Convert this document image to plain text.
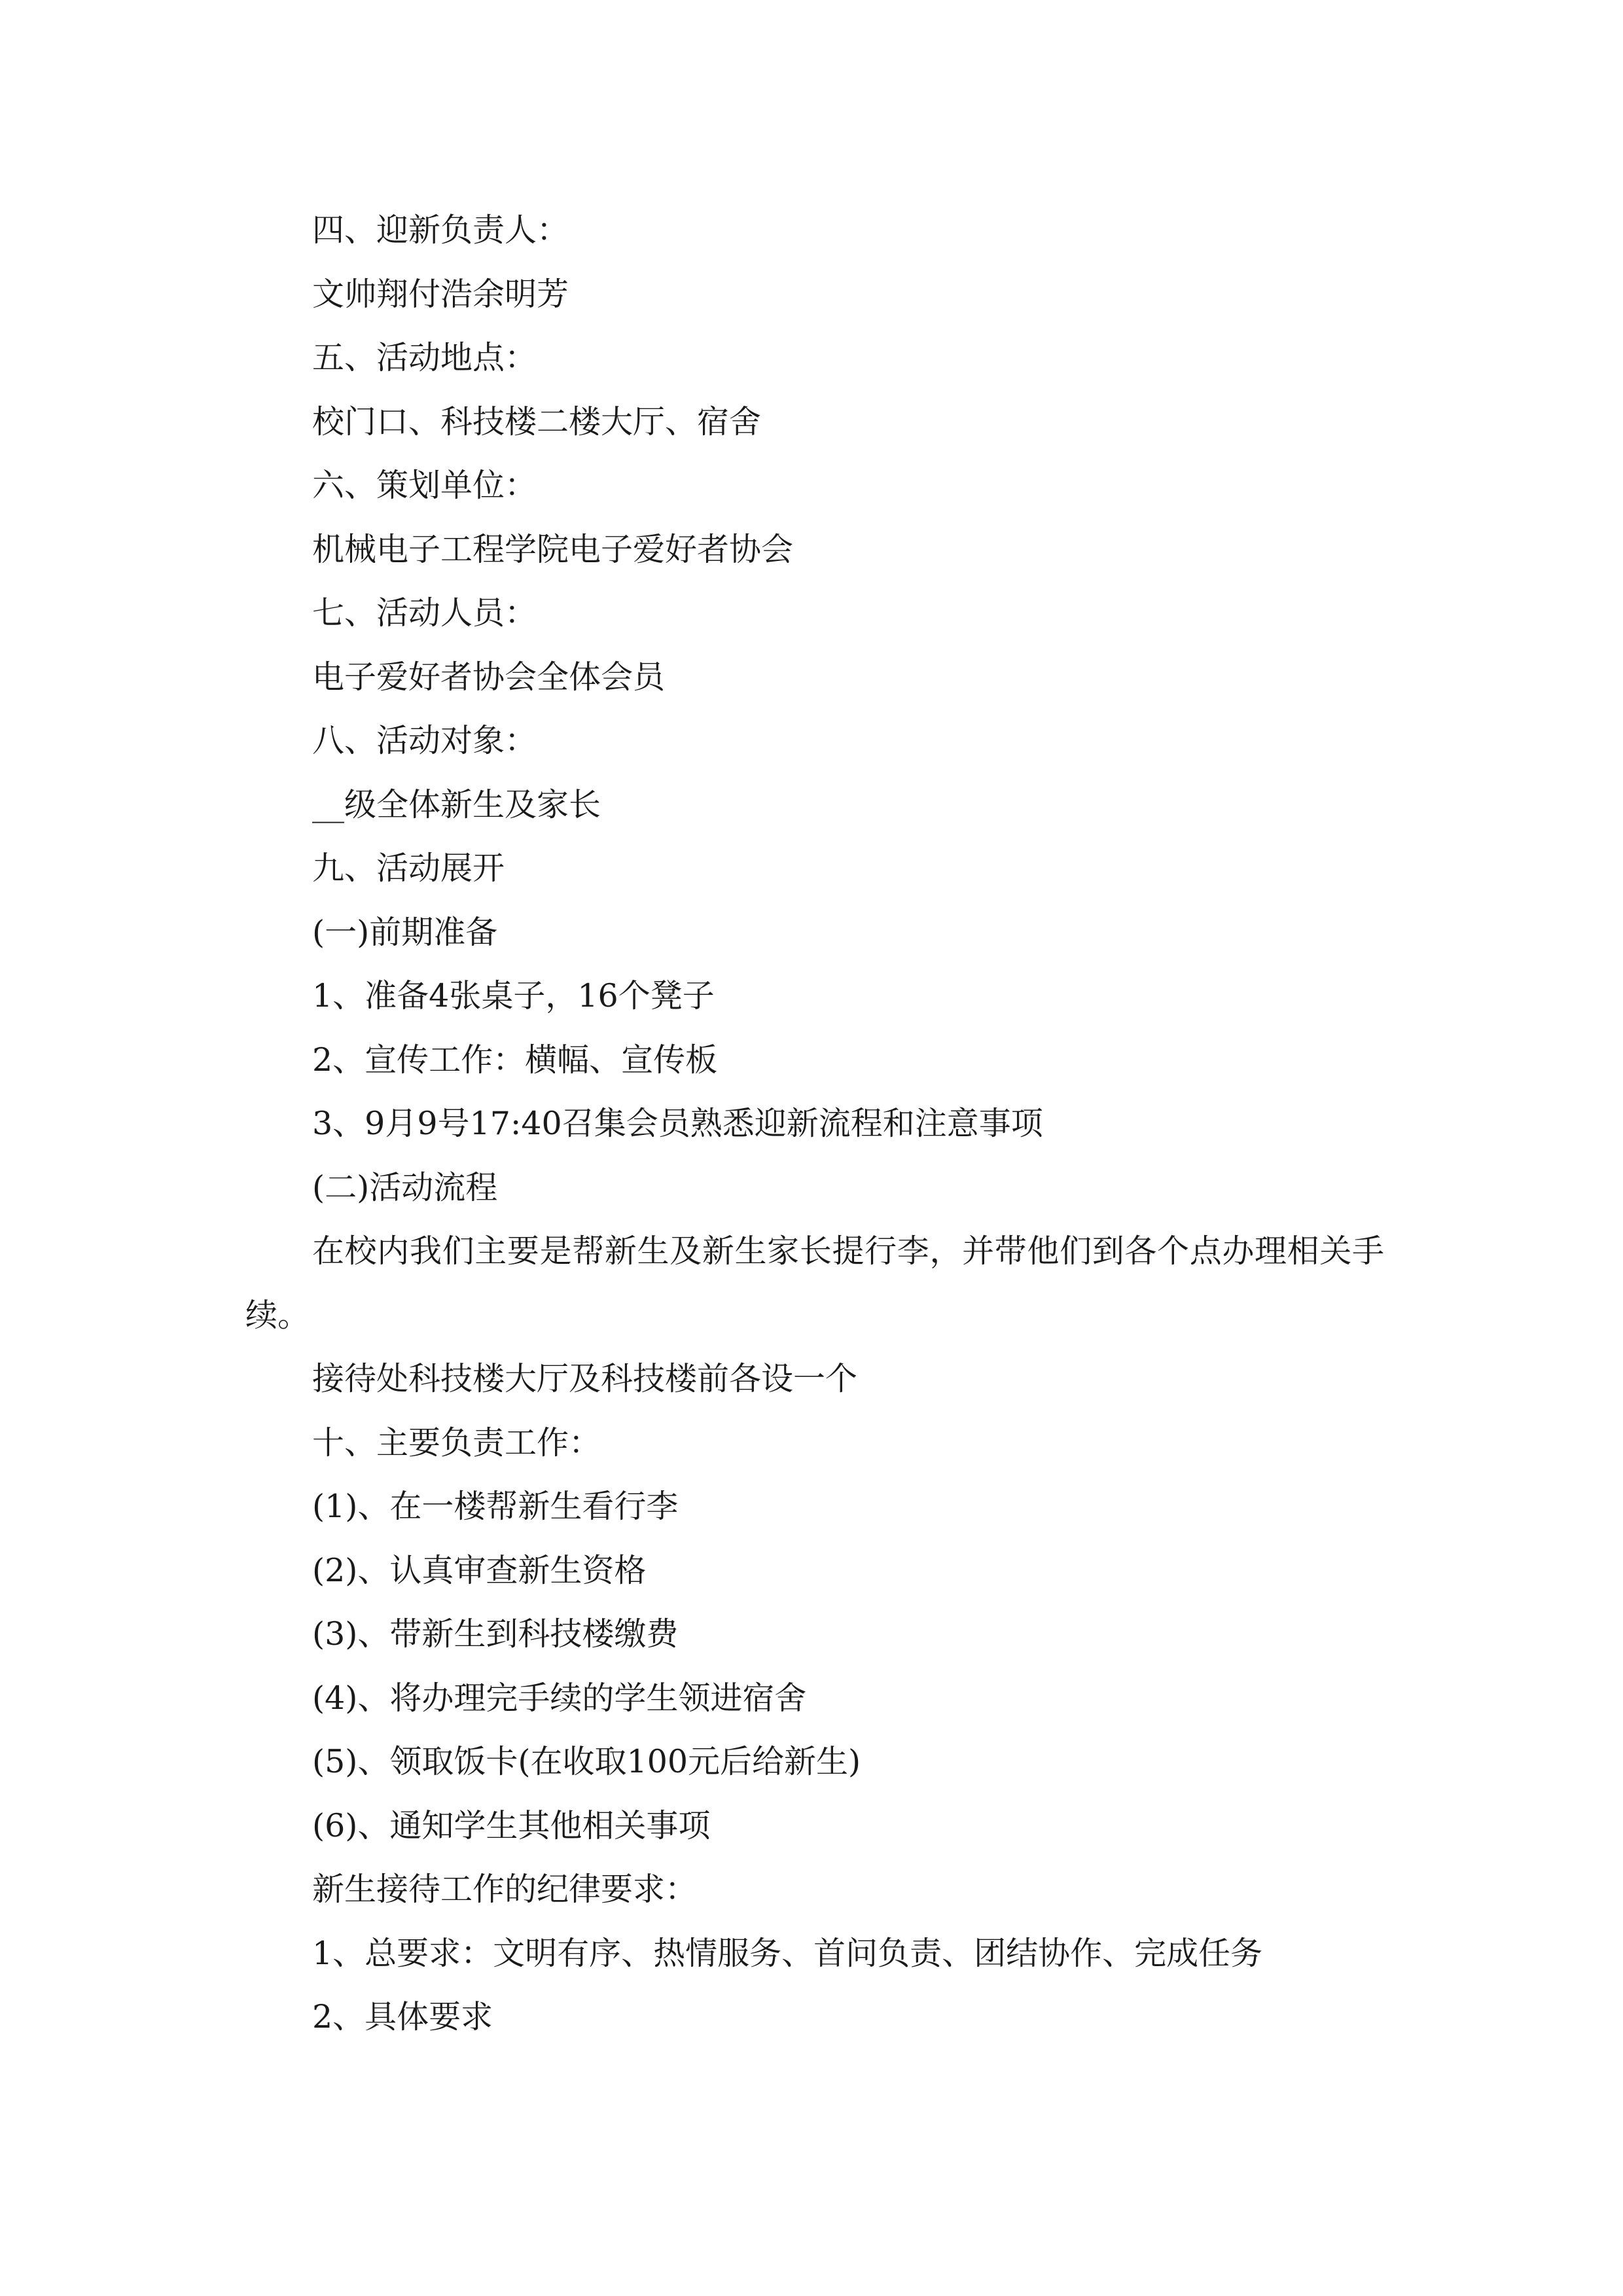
四、迎新负责人：
文帅翔付浩余明芳
五、活动地点：
校门口、科技楼二楼大厅、宿舍
六、策划单位：
机械电子工程学院电子爱好者协会
七、活动人员：
电子爱好者协会全体会员
八、活动对象：
__级全体新生及家长
九、活动展开
(一)前期准备
1、准备4张桌子，16个凳子
2、宣传工作：横幅、宣传板
3、9月9号17:40召集会员熟悉迎新流程和注意事项
(二)活动流程
在校内我们主要是帮新生及新生家长提行李，并带他们到各个点办理相关手续。
接待处科技楼大厅及科技楼前各设一个
十、主要负责工作：
(1)、在一楼帮新生看行李
(2)、认真审查新生资格
(3)、带新生到科技楼缴费
(4)、将办理完手续的学生领进宿舍
(5)、领取饭卡(在收取100元后给新生)
(6)、通知学生其他相关事项
新生接待工作的纪律要求：
1、总要求：文明有序、热情服务、首问负责、团结协作、完成任务
2、具体要求
